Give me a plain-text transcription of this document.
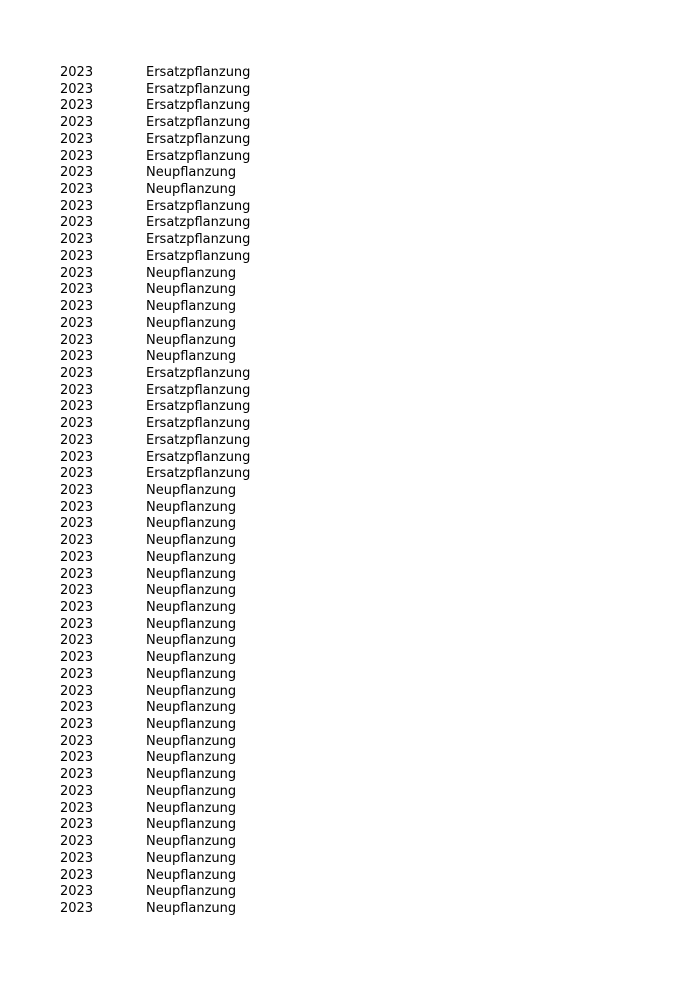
2023	Ersatzpflanzung
2023	Ersatzpflanzung
2023	Ersatzpflanzung
2023	Ersatzpflanzung
2023	Ersatzpflanzung
2023	Ersatzpflanzung
2023	Neupflanzung
2023	Neupflanzung
2023	Ersatzpflanzung
2023	Ersatzpflanzung
2023	Ersatzpflanzung
2023	Ersatzpflanzung
2023	Neupflanzung
2023	Neupflanzung
2023	Neupflanzung
2023	Neupflanzung
2023	Neupflanzung
2023	Neupflanzung
2023	Ersatzpflanzung
2023	Ersatzpflanzung
2023	Ersatzpflanzung
2023	Ersatzpflanzung
2023	Ersatzpflanzung
2023	Ersatzpflanzung
2023	Ersatzpflanzung
2023	Neupflanzung
2023	Neupflanzung
2023	Neupflanzung
2023	Neupflanzung
2023	Neupflanzung
2023	Neupflanzung
2023	Neupflanzung
2023	Neupflanzung
2023	Neupflanzung
2023	Neupflanzung
2023	Neupflanzung
2023	Neupflanzung
2023	Neupflanzung
2023	Neupflanzung
2023	Neupflanzung
2023	Neupflanzung
2023	Neupflanzung
2023	Neupflanzung
2023	Neupflanzung
2023	Neupflanzung
2023	Neupflanzung
2023	Neupflanzung
2023	Neupflanzung
2023	Neupflanzung
2023	Neupflanzung
2023	Neupflanzung
